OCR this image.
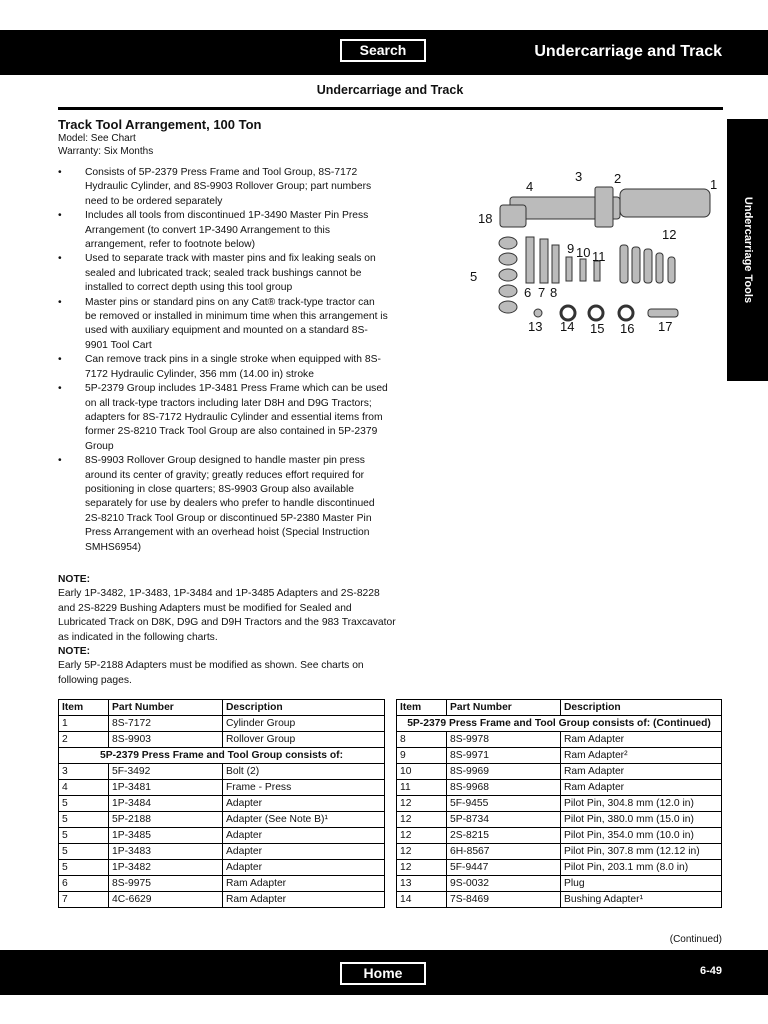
Search	Undercarriage and Track
Undercarriage and Track
Undercarriage Tools
Track Tool Arrangement, 100 Ton
Model: See Chart
Warranty: Six Months
• Consists of 5P-2379 Press Frame and Tool Group, 8S-7172 Hydraulic Cylinder, and 8S-9903 Rollover Group; part numbers need to be ordered separately
• Includes all tools from discontinued 1P-3490 Master Pin Press Arrangement (to convert 1P-3490 Arrangement to this arrangement, refer to footnote below)
• Used to separate track with master pins and fix leaking seals on sealed and lubricated track; sealed track bushings cannot be installed to correct depth using this tool group
• Master pins or standard pins on any Cat® track-type tractor can be removed or installed in minimum time when this arrangement is used with auxiliary equipment and mounted on a standard 8S-9901 Tool Cart
• Can remove track pins in a single stroke when equipped with 8S-7172 Hydraulic Cylinder, 356 mm (14.00 in) stroke
• 5P-2379 Group includes 1P-3481 Press Frame which can be used on all track-type tractors including later D8H and D9G Tractors; adapters for 8S-7172 Hydraulic Cylinder and essential items from former 2S-8210 Track Tool Group are also contained in 5P-2379 Group
• 8S-9903 Rollover Group designed to handle master pin press around its center of gravity; greatly reduces effort required for positioning in close quarters; 8S-9903 Group also available separately for use by dealers who prefer to handle discontinued 2S-8210 Track Tool Group or discontinued 5P-2380 Master Pin Press Arrangement with an overhead hoist (Special Instruction SMHS6954)
NOTE:
Early 1P-3482, 1P-3483, 1P-3484 and 1P-3485 Adapters and 2S-8228 and 2S-8229 Bushing Adapters must be modified for Sealed and Lubricated Track on D8K, D9G and D9H Tractors and the 983 Traxcavator as indicated in the following charts.
NOTE:
Early 5P-2188 Adapters must be modified as shown. See charts on following pages.
1
2
3
4
5
6 7 8
9 10 11
12
13 14 15 16 17
18
Item	Part Number	Description
1	8S-7172	Cylinder Group
2	8S-9903	Rollover Group
5P-2379 Press Frame and Tool Group consists of:		
3	5F-3492	Bolt (2)
4	1P-3481	Frame - Press
5	1P-3484	Adapter
5	5P-2188	Adapter (See Note B)¹
5	1P-3485	Adapter
5	1P-3483	Adapter
5	1P-3482	Adapter
6	8S-9975	Ram Adapter
7	4C-6629	Ram Adapter
Item	Part Number	Description
5P-2379 Press Frame and Tool Group consists of: (Continued)		
8	8S-9978	Ram Adapter
9	8S-9971	Ram Adapter²
10	8S-9969	Ram Adapter
11	8S-9968	Ram Adapter
12	5F-9455	Pilot Pin, 304.8 mm (12.0 in)
12	5P-8734	Pilot Pin, 380.0 mm (15.0 in)
12	2S-8215	Pilot Pin, 354.0 mm (10.0 in)
12	6H-8567	Pilot Pin, 307.8 mm (12.12 in)
12	5F-9447	Pilot Pin, 203.1 mm (8.0 in)
13	9S-0032	Plug
14	7S-8469	Bushing Adapter¹
(Continued)
Home	6-49
